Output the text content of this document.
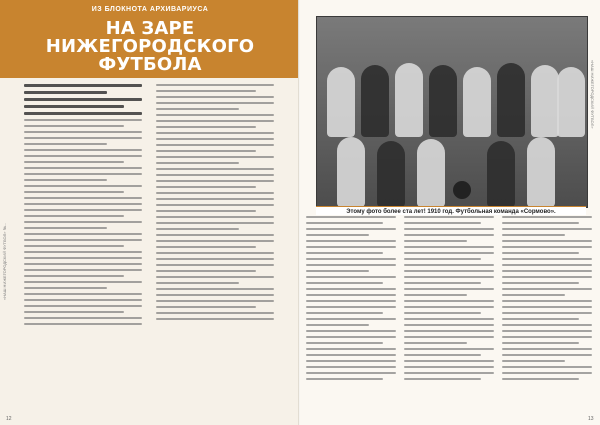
ИЗ БЛОКНОТА АРХИВАРИУСА
НА ЗАРЕ НИЖЕГОРОДСКОГО ФУТБОЛА
«НАШ НИЖЕГОРОДСКИЙ ФУТБОЛ» №...
12
Этому фото более ста лет! 1910 год. Футбольная команда «Сормово».
«НАШ НИЖЕГОРОДСКИЙ ФУТБОЛ»
13
